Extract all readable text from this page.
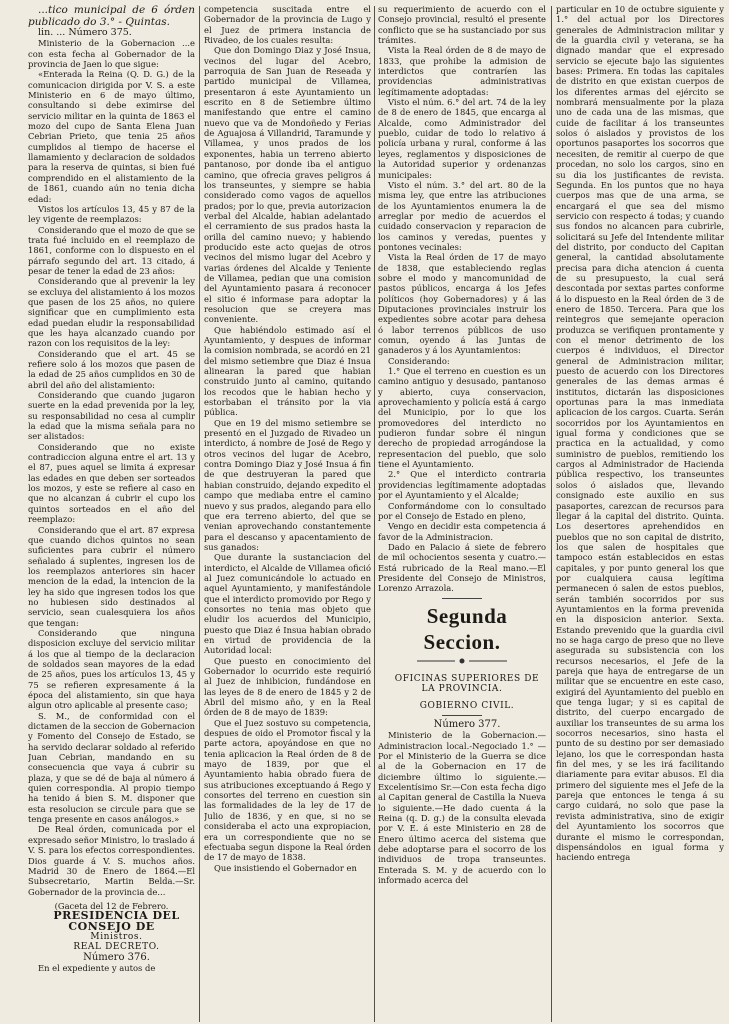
...tico municipal de 6 órden publicado do 3.° - Quintas.

lin. ... Número 375.

Ministerio de la Gobernacion ...e con esta fecha al Gobernador de la provincia de Jaen lo que sigue:

«Enterada la Reina (Q. D. G.) de la comunicacion dirigida por V. S. a este Ministerio en 6 de mayo último, consultando si debe eximirse del servicio militar en la quinta de 1863 el mozo del cupo de Santa Elena Juan Cebrian Prieto, que tenia 25 años cumplidos al tiempo de hacerse el llamamiento y declaracion de soldados para la reserva de quintas, si bien fué comprendido en el alistamiento de la de 1861, cuando aún no tenia dicha edad:

Vistos los artículos 13, 45 y 87 de la ley vigente de reemplazos:

Considerando que el mozo de que se trata fué incluido en el reemplazo de 1861, conforme con lo dispuesto en el párrafo segundo del art. 13 citado, á pesar de tener la edad de 23 años:

Considerando que al prevenir la ley se excluya del alistamiento á los mozos que pasen de los 25 años, no quiere significar que en cumplimiento esta edad puedan eludir la responsabilidad que les haya alcanzado cuando por razon con los requisitos de la ley:

Considerando que el art. 45 se refiere solo á los mozos que pasen de la edad de 25 años cumplidos en 30 de abril del año del alistamiento:

Considerando que cuando jugaron suerte en la edad prevenida por la ley, su responsabilidad no cesa al cumplir la edad que la misma señala para no ser alistados:

Considerando que no existe contradiccion alguna entre el art. 13 y el 87, pues aquel se limita á expresar las edades en que deben ser sorteados los mozos, y este se refiere al caso en que no alcanzan á cubrir el cupo los quintos sorteados en el año del reemplazo:

Considerando que el art. 87 expresa que cuando dichos quintos no sean suficientes para cubrir el número señalado á suplentes, ingresen los de los reemplazos anteriores sin hacer mencion de la edad, la intencion de la ley ha sido que ingresen todos los que no hubiesen sido destinados al servicio, sean cualesquiera los años que tengan:

Considerando que ninguna disposicion excluye del servicio militar á los que al tiempo de la declaracion de soldados sean mayores de la edad de 25 años, pues los artículos 13, 45 y 75 se refieren expresamente á la época del alistamiento, sin que haya algun otro aplicable al presente caso;

S. M., de conformidad con el dictamen de la seccion de Gobernacion y Fomento del Consejo de Estado, se ha servido declarar soldado al referido Juan Cebrian, mandando en su consecuencia que vaya á cubrir su plaza, y que se dé de baja al número á quien correspondia. Al propio tiempo ha tenido á bien S. M. disponer que esta resolucion se circule para que se tenga presente en casos análogos.»

De Real órden, comunicada por el expresado señor Ministro, lo traslado á V. S. para los efectos correspondientes. Dios guarde á V. S. muchos años. Madrid 30 de Enero de 1864.—El Subsecretario, Martin Belda.—Sr. Gobernador de la provincia de...

(Gaceta del 12 de Febrero.

PRESIDENCIA DEL CONSEJO DE

Ministros.

REAL DECRETO.

Número 376.

En el expediente y autos de

competencia suscitada entre el Gobernador de la provincia de Lugo y el Juez de primera instancia de Rivadeo, de los cuales resulta:

Que don Domingo Diaz y José Insua, vecinos del lugar del Acebro, parroquia de San Juan de Reseada y partido municipal de Villamea, presentaron á este Ayuntamiento un escrito en 8 de Setiembre último manifestando que entre el camino nuevo que va de Mondoñedo y Ferias de Aguajosa á Villandrid, Taramunde y Villamea, y unos prados de los exponentes, habia un terreno abierto pantanoso, por donde iba el antiguo camino, que ofrecia graves peligros á los transeuntes, y siempre se habia considerado como vagos de aquellos prados; por lo que, previa autorizacion verbal del Alcalde, habian adelantado el cerramiento de sus prados hasta la orilla del camino nuevo; y habiendo producido este acto quejas de otros vecinos del mismo lugar del Acebro y varias órdenes del Alcalde y Teniente de Villamea, pedian que una comision del Ayuntamiento pasara á reconocer el sitio é informase para adoptar la resolucion que se creyera mas conveniente.

Que habiéndolo estimado así el Ayuntamiento, y despues de informar la comision nombrada, se acordó en 21 del mismo setiembre que Diaz é Insua alinearan la pared que habian construido junto al camino, quitando los recodos que le habian hecho y estorbaban el tránsito por la via pública.

Que en 19 del mismo setiembre se presentó en el Juzgado de Rivadeo un interdicto, á nombre de José de Rego y otros vecinos del lugar de Acebro, contra Domingo Diaz y José Insua á fin de que destruyeran la pared que habian construido, dejando expedito el campo que mediaba entre el camino nuevo y sus prados, alegando para ello que era terreno abierto, del que se venian aprovechando constantemente para el descanso y apacentamiento de sus ganados:

Que durante la sustanciacion del interdicto, el Alcalde de Villamea ofició al Juez comunicándole lo actuado en aquel Ayuntamiento, y manifestándole que el interdicto promovido por Rego y consortes no tenia mas objeto que eludir los acuerdos del Municipio, puesto que Diaz é Insua habian obrado en virtud de providencia de la Autoridad local:

Que puesto en conocimiento del Gobernador lo ocurrido este requirió al Juez de inhibicion, fundándose en las leyes de 8 de enero de 1845 y 2 de Abril del mismo año, y en la Real órden de 8 de mayo de 1839:

Que el Juez sostuvo su competencia, despues de oido el Promotor fiscal y la parte actora, apoyándose en que no tenia aplicacion la Real órden de 8 de mayo de 1839, por que el Ayuntamiento habia obrado fuera de sus atribuciones exceptuando á Rego y consortes del terreno en cuestion sin las formalidades de la ley de 17 de Julio de 1836, y en que, si no se consideraba el acto una expropiacion, era un correspondiente que no se efectuaba segun dispone la Real órden de 17 de mayo de 1838.

Que insistiendo el Gobernador en

su requerimiento de acuerdo con el Consejo provincial, resultó el presente conflicto que se ha sustanciado por sus trámites.

Vista la Real órden de 8 de mayo de 1833, que prohibe la admision de interdictos que contraríen las providencias administrativas legítimamente adoptadas:

Visto el núm. 6.° del art. 74 de la ley de 8 de enero de 1845, que encarga al Alcalde, como Administrador del pueblo, cuidar de todo lo relativo á policía urbana y rural, conforme á las leyes, reglamentos y disposiciones de la Autoridad superior y ordenanzas municipales:

Visto el núm. 3.° del art. 80 de la misma ley, que entre las atribuciones de los Ayuntamientos enumera la de arreglar por medio de acuerdos el cuidado conservacion y reparacion de los caminos y veredas, puentes y pontones vecinales:

Vista la Real órden de 17 de mayo de 1838, que estableciendo reglas sobre el modo y mancomunidad de pastos públicos, encarga á los Jefes políticos (hoy Gobernadores) y á las Diputaciones provinciales instruir los expedientes sobre acotar para dehesa ó labor terrenos públicos de uso comun, oyendo á las Juntas de ganaderos y á los Ayuntamientos:

Considerando:

1.° Que el terreno en cuestion es un camino antiguo y desusado, pantanoso y abierto, cuya conservacion, aprovechamiento y policía está á cargo del Municipio, por lo que los promovedores del interdicto no pudieron fundar sobre él ningun derecho de propiedad arrogándose la representacion del pueblo, que solo tiene el Ayuntamiento.

2.° Que el interdicto contraria providencias legítimamente adoptadas por el Ayuntamiento y el Alcalde;

Conformándome con lo consultado por el Consejo de Estado en pleno,

Vengo en decidir esta competencia á favor de la Administracion.

Dado en Palacio á siete de febrero de mil ochocientos sesenta y cuatro.—Está rubricado de la Real mano.—El Presidente del Consejo de Ministros, Lorenzo Arrazola.

Segunda Seccion.

OFICINAS SUPERIORES DE LA PROVINCIA.

GOBIERNO CIVIL.

Número 377.

Ministerio de la Gobernacion.—Administracion local.-Negociado 1.° —Por el Ministerio de la Guerra se dice al de la Gobernacion en 17 de diciembre último lo siguiente.—Excelentísimo Sr.—Con esta fecha digo al Capitan general de Castilla la Nueva lo siguiente.—He dado cuenta á la Reina (q. D. g.) de la consulta elevada por V. E. á este Ministerio en 28 de Enero último acerca del sistema que debe adoptarse para el socorro de los individuos de tropa transeuntes. Enterada S. M. y de acuerdo con lo informado acerca del

particular en 10 de octubre siguiente y 1.° del actual por los Directores generales de Administracion militar y de la guardia civil y veterana, se ha dignado mandar que el expresado servicio se ejecute bajo las siguientes bases: Primera. En todas las capitales de distrito en que existan cuerpos de los diferentes armas del ejército se nombrará mensualmente por la plaza uno de cada una de las mismas, que cuide de facilitar á los transeuntes solos ó aislados y provistos de los oportunos pasaportes los socorros que necesiten, de remitir al cuerpo de que procedan, no solo los cargos, sino en su dia los justificantes de revista. Segunda. En los puntos que no haya cuerpos mas que de una arma, se encargará el que sea del mismo servicio con respecto á todas; y cuando sus fondos no alcancen para cubrirle, solicitará su Jefe del Intendente militar del distrito, por conducto del Capitan general, la cantidad absolutamente precisa para dicha atencion á cuenta de su presupuesto, la cual será descontada por sextas partes conforme á lo dispuesto en la Real órden de 3 de enero de 1850. Tercera. Para que los reintegros que semejante operacion produzca se verifiquen prontamente y con el menor detrimento de los cuerpos é individuos, el Director general de Administracion militar, puesto de acuerdo con los Directores generales de las demas armas é institutos, dictarán las disposiciones oportunas para la mas inmediata aplicacion de los cargos. Cuarta. Serán socorridos por los Ayuntamientos en igual forma y condiciones que se practica en la actualidad, y como suministro de pueblos, remitiendo los cargos al Administrador de Hacienda pública respectivo, los transeuntes solos ó aislados que, llevando consignado este auxilio en sus pasaportes, carezcan de recursos para llegar á la capital del distrito. Quinta. Los desertores aprehendidos en pueblos que no son capital de distrito, los que salen de hospitales que tampoco están establecidos en estas capitales, y por punto general los que por cualquiera causa legítima permanecen ó salen de estos pueblos, serán también socorridos por sus Ayuntamientos en la forma prevenida en la disposicion anterior. Sexta. Estando prevenido que la guardia civil no se haga cargo de preso que no lleve asegurada su subsistencia con los recursos necesarios, el Jefe de la pareja que haya de entregarse de un militar que se encuentre en este caso, exigirá del Ayuntamiento del pueblo en que tenga lugar; y si es capital de distrito, del cuerpo encargado de auxiliar los transeuntes de su arma los socorros necesarios, sino hasta el punto de su destino por ser demasiado lejano, los que le correspondan hasta fin del mes, y se les irá facilitando diariamente para evitar abusos. El dia primero del siguiente mes el Jefe de la pareja que entonces le tenga á su cargo cuidará, no solo que pase la revista administrativa, sino de exigir del Ayuntamiento los socorros que durante el mismo le correspondan, dispensándolos en igual forma y haciendo entrega
